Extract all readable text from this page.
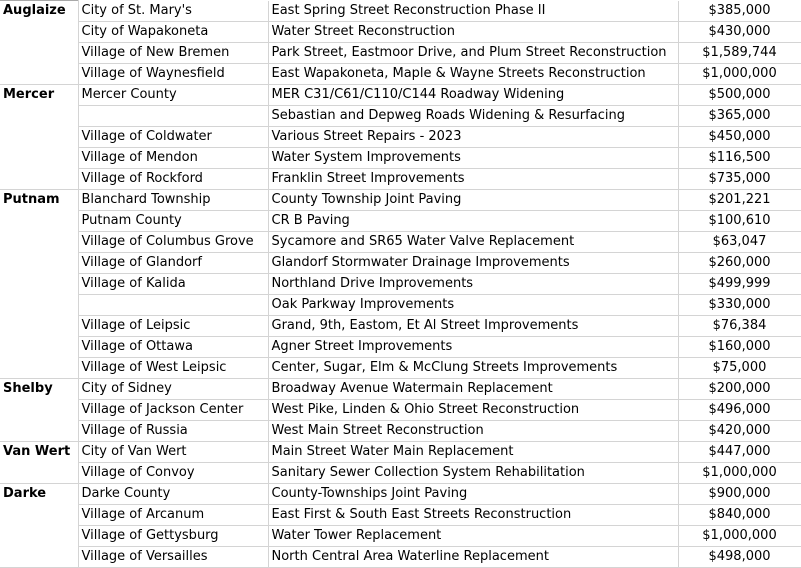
Auglaize	City of St. Mary's	East Spring Street Reconstruction Phase II	$385,000
	City of Wapakoneta	Water Street Reconstruction	$430,000
	Village of New Bremen	Park Street, Eastmoor Drive, and Plum Street Reconstruction	$1,589,744
	Village of Waynesfield	East Wapakoneta, Maple & Wayne Streets Reconstruction	$1,000,000
Mercer	Mercer County	MER C31/C61/C110/C144 Roadway Widening	$500,000
		Sebastian and Depweg Roads Widening & Resurfacing	$365,000
	Village of Coldwater	Various Street Repairs - 2023	$450,000
	Village of Mendon	Water System Improvements	$116,500
	Village of Rockford	Franklin Street Improvements	$735,000
Putnam	Blanchard Township	County Township Joint Paving	$201,221
	Putnam County	CR B Paving	$100,610
	Village of Columbus Grove	Sycamore and SR65 Water Valve Replacement	$63,047
	Village of Glandorf	Glandorf Stormwater Drainage Improvements	$260,000
	Village of Kalida	Northland Drive Improvements	$499,999
		Oak Parkway Improvements	$330,000
	Village of Leipsic	Grand, 9th, Eastom, Et Al Street Improvements	$76,384
	Village of Ottawa	Agner Street Improvements	$160,000
	Village of West Leipsic	Center, Sugar, Elm & McClung Streets Improvements	$75,000
Shelby	City of Sidney	Broadway Avenue Watermain Replacement	$200,000
	Village of Jackson Center	West Pike, Linden & Ohio Street Reconstruction	$496,000
	Village of Russia	West Main Street Reconstruction	$420,000
Van Wert	City of Van Wert	Main Street Water Main Replacement	$447,000
	Village of Convoy	Sanitary Sewer Collection System Rehabilitation	$1,000,000
Darke	Darke County	County-Townships Joint Paving	$900,000
	Village of Arcanum	East First & South East Streets Reconstruction	$840,000
	Village of Gettysburg	Water Tower Replacement	$1,000,000
	Village of Versailles	North Central Area Waterline Replacement	$498,000
